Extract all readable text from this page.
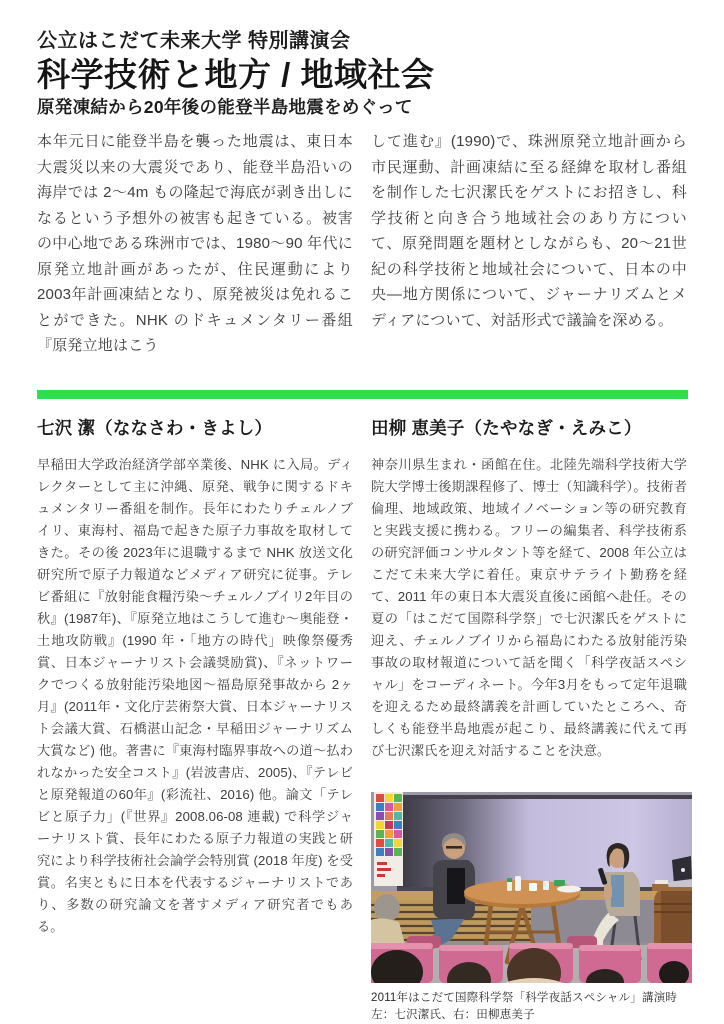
公立はこだて未来大学 特別講演会
科学技術と地方 / 地域社会
原発凍結から20年後の能登半島地震をめぐって
本年元日に能登半島を襲った地震は、東日本大震災以来の大震災であり、能登半島沿いの海岸では 2〜4m もの隆起で海底が剥き出しになるという予想外の被害も起きている。被害の中心地である珠洲市では、1980〜90 年代に原発立地計画があったが、住民運動により 2003年計画凍結となり、原発被災は免れることができた。NHK のドキュメンタリー番組『原発立地はこう
して進む』(1990)で、珠洲原発立地計画から市民運動、計画凍結に至る経緯を取材し番組を制作した七沢潔氏をゲストにお招きし、科学技術と向き合う地域社会のあり方について、原発問題を題材としながらも、20〜21世紀の科学技術と地域社会について、日本の中央―地方関係について、ジャーナリズムとメディアについて、対話形式で議論を深める。
七沢 潔（ななさわ・きよし）
早稲田大学政治経済学部卒業後、NHK に入局。ディレクターとして主に沖縄、原発、戦争に関するドキュメンタリー番組を制作。長年にわたりチェルノブイリ、東海村、福島で起きた原子力事故を取材してきた。その後 2023年に退職するまで NHK 放送文化研究所で原子力報道などメディア研究に従事。テレビ番組に『放射能食糧汚染〜チェルノブイリ2年目の秋』(1987年)、『原発立地はこうして進む〜奥能登・土地攻防戦』(1990 年・「地方の時代」映像祭優秀賞、日本ジャーナリスト会議奨励賞)、『ネットワークでつくる放射能汚染地図〜福島原発事故から 2ヶ月』(2011年・文化庁芸術祭大賞、日本ジャーナリスト会議大賞、石橋湛山記念・早稲田ジャーナリズム大賞など) 他。著書に『東海村臨界事故への道〜払われなかった安全コスト』(岩波書店、2005)、『テレビと原発報道の60年』(彩流社、2016) 他。論文「テレビと原子力」(『世界』2008.06-08 連載) で科学ジャーナリスト賞、長年にわたる原子力報道の実践と研究により科学技術社会論学会特別賞 (2018 年度) を受賞。名実ともに日本を代表するジャーナリストであり、多数の研究論文を著すメディア研究者でもある。
田柳 恵美子（たやなぎ・えみこ）
神奈川県生まれ・函館在住。北陸先端科学技術大学院大学博士後期課程修了、博士（知識科学）。技術者倫理、地域政策、地域イノベーション等の研究教育と実践支援に携わる。フリーの編集者、科学技術系の研究評価コンサルタント等を経て、2008 年公立はこだて未来大学に着任。東京サテライト勤務を経て、2011 年の東日本大震災直後に函館へ赴任。その夏の「はこだて国際科学祭」で七沢潔氏をゲストに迎え、チェルノブイリから福島にわたる放射能汚染事故の取材報道について話を聞く「科学夜話スペシャル」をコーディネート。今年3月をもって定年退職を迎えるため最終講義を計画していたところへ、奇しくも能登半島地震が起こり、最終講義に代えて再び七沢潔氏を迎え対話することを決意。
2011年はこだて国際科学祭「科学夜話スペシャル」講演時
左：七沢潔氏、右：田柳恵美子
